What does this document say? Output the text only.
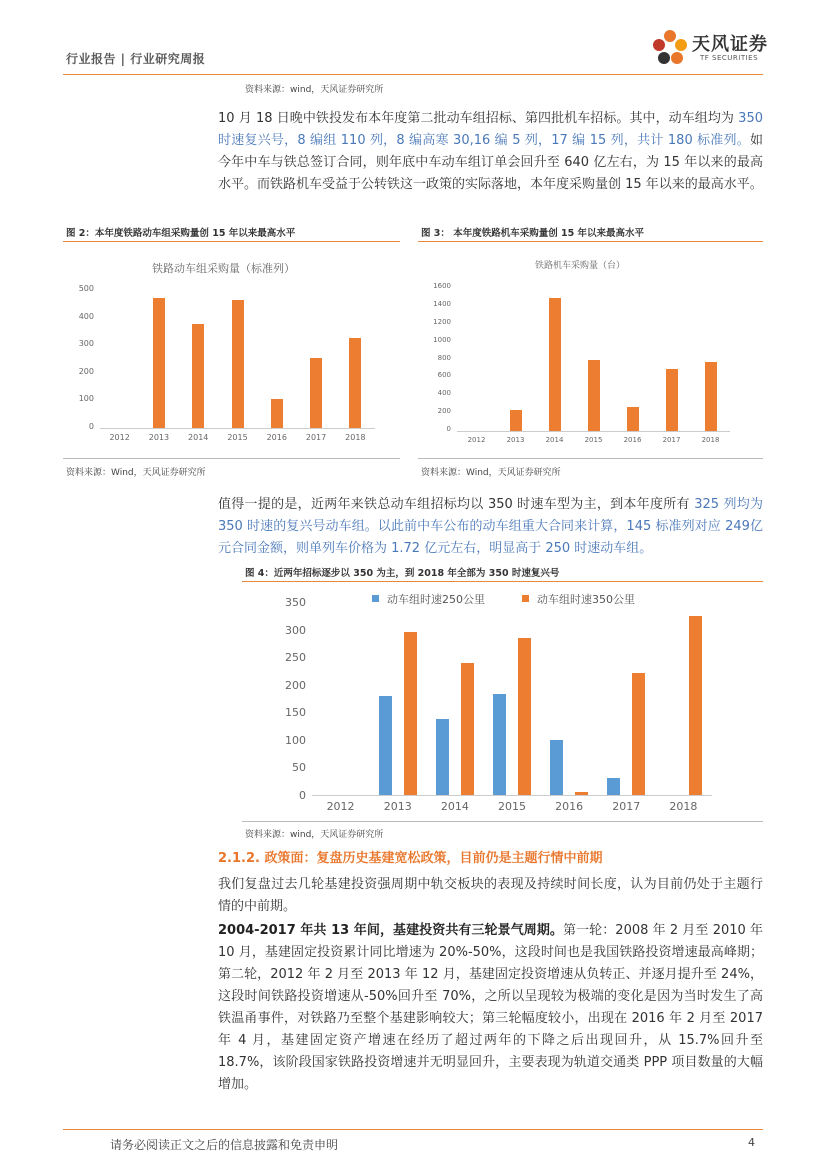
行业报告 | 行业研究周报
天风证券
TF SECURITIES
资料来源：wind，天风证券研究所
10 月 18 日晚中铁投发布本年度第二批动车组招标、第四批机车招标。其中，动车组均为 350 时速复兴号，8 编组 110 列，8 编高寒 30,16 编 5 列，17 编 15 列，共计 180 标准列。如今年中车与铁总签订合同，则年底中车动车组订单会回升至 640 亿左右，为 15 年以来的最高水平。而铁路机车受益于公转铁这一政策的实际落地，本年度采购量创 15 年以来的最高水平。
图 2：本年度铁路动车组采购量创 15 年以来最高水平
铁路动车组采购量（标准列）
0
100
200
300
400
500
2012	2013	2014	2015	2016	2017	2018
资料来源：Wind，天风证券研究所
图 3： 本年度铁路机车采购量创 15 年以来最高水平
铁路机车采购量（台）
0
200
400
600
800
1000
1200
1400
1600
2012	2013	2014	2015	2016	2017	2018
资料来源：Wind，天风证券研究所
值得一提的是，近两年来铁总动车组招标均以 350 时速车型为主，到本年度所有 325 列均为 350 时速的复兴号动车组。以此前中车公布的动车组重大合同来计算，145 标准列对应 249亿元合同金额，则单列车价格为 1.72 亿元左右，明显高于 250 时速动车组。
图 4：近两年招标逐步以 350 为主，到 2018 年全部为 350 时速复兴号
0
50
100
150
200
250
300
350
2012	2013	2014	2015	2016	2017	2018
动车组时速250公里	动车组时速350公里
资料来源：wind，天风证券研究所
2.1.2. 政策面：复盘历史基建宽松政策，目前仍是主题行情中前期
我们复盘过去几轮基建投资强周期中轨交板块的表现及持续时间长度，认为目前仍处于主题行情的中前期。
2004-2017 年共 13 年间，基建投资共有三轮景气周期。第一轮：2008 年 2 月至 2010 年 10 月，基建固定投资累计同比增速为 20%-50%，这段时间也是我国铁路投资增速最高峰期；第二轮，2012 年 2 月至 2013 年 12 月，基建固定投资增速从负转正、并逐月提升至 24%，这段时间铁路投资增速从-50%回升至 70%，之所以呈现较为极端的变化是因为当时发生了高铁温甬事件，对铁路乃至整个基建影响较大；第三轮幅度较小，出现在 2016 年 2 月至 2017 年 4 月，基建固定资产增速在经历了超过两年的下降之后出现回升，从 15.7%回升至 18.7%，该阶段国家铁路投资增速并无明显回升，主要表现为轨道交通类 PPP 项目数量的大幅增加。
请务必阅读正文之后的信息披露和免责申明	4
